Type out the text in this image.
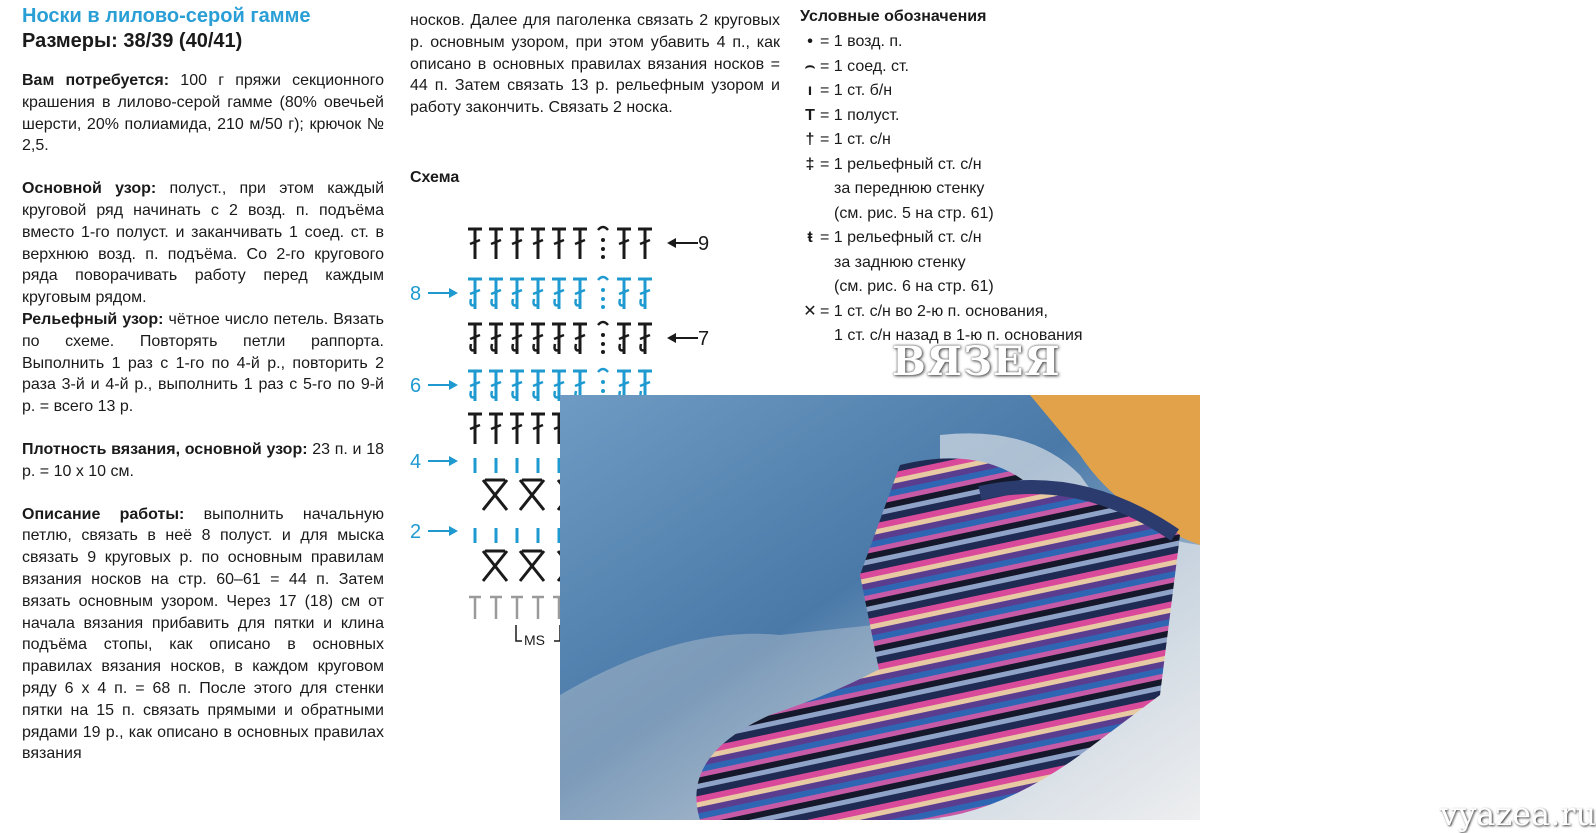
Носки в лилово-серой гамме
Размеры: 38/39 (40/41)

Вам потребуется: 100 г пряжи секционного крашения в лилово-серой гамме (80% овечьей шерсти, 20% полиамида, 210 м/50 г); крючок № 2,5.

Основной узор: полуст., при этом каждый круговой ряд начинать с 2 возд. п. подъёма вместо 1-го полуст. и заканчивать 1 соед. ст. в верхнюю возд. п. подъёма. Со 2-го кругового ряда поворачивать работу перед каждым круговым рядом.

Рельефный узор: чётное число петель. Вязать по схеме. Повторять петли раппорта. Выполнить 1 раз с 1-го по 4-й р., повторить 2 раза 3-й и 4-й р., выполнить 1 раз с 5-го по 9-й р. = всего 13 р.

Плотность вязания, основной узор: 23 п. и 18 р. = 10 х 10 см.

Описание работы: выполнить начальную петлю, связать в неё 8 полуст. и для мыска связать 9 круговых р. по основным правилам вязания носков на стр. 60–61 = 44 п. Затем вязать основным узором. Через 17 (18) см от начала вязания прибавить для пятки и клина подъёма стопы, как описано в основных правилах вязания носков, в каждом круговом ряду 6 х 4 п. = 68 п. После этого для стенки пятки на 15 п. связать прямыми и обратными рядами 19 р., как описано в основных правилах вязания

носков. Далее для паголенка связать 2 круговых р. основным узором, при этом убавить 4 п., как описано в основных правилах вязания носков = 44 п. Затем связать 13 р. рельефным узором и работу закончить. Связать 2 носка.

Схема
9
7
8
6
4
2
MS
Условные обозначения
• = 1 возд. п.
⌢ = 1 соед. ст.
ı = 1 ст. б/н
T = 1 полуст.
† = 1 ст. с/н
‡ = 1 рельефный ст. с/н
за переднюю стенку
(см. рис. 5 на стр. 61)
ŧ = 1 рельефный ст. с/н
за заднюю стенку
(см. рис. 6 на стр. 61)
✕ = 1 ст. с/н во 2-ю п. основания,
1 ст. с/н назад в 1-ю п. основания
ВЯЗЕЯ
vyazea.ru
